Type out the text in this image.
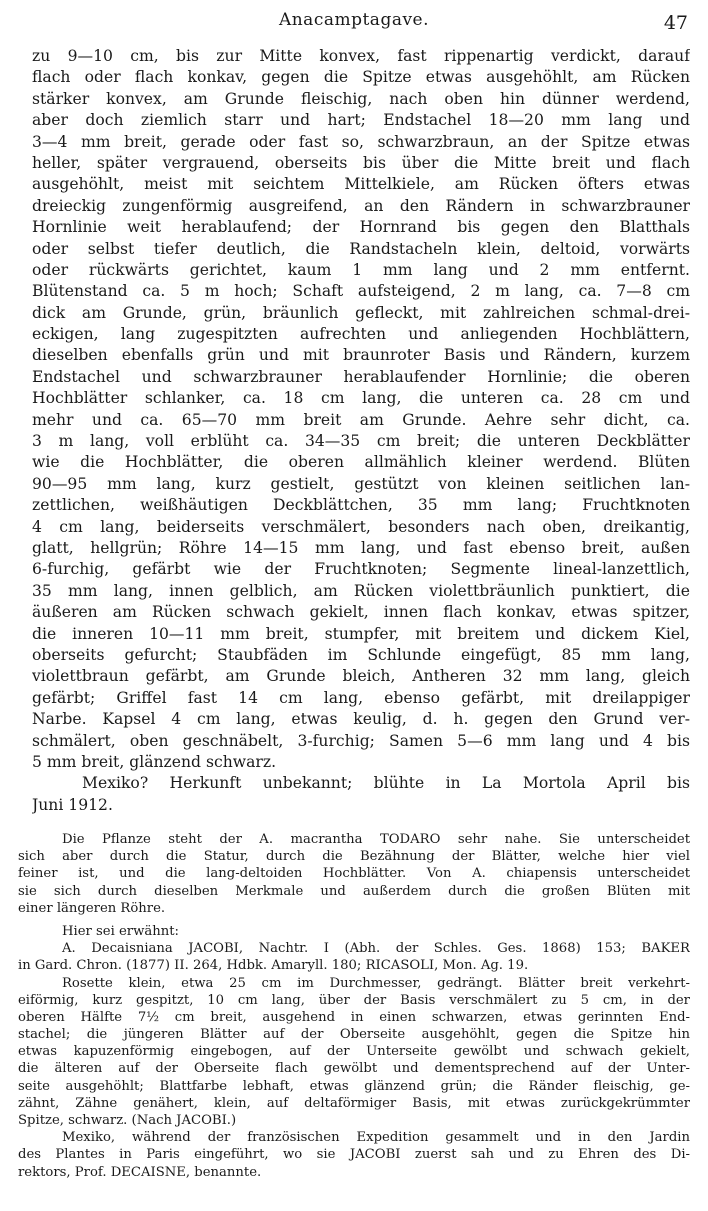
Anacamptagave.	47
zu 9—10 cm, bis zur Mitte konvex, fast rippenartig verdickt, darauf
flach oder flach konkav, gegen die Spitze etwas ausgehöhlt, am Rücken
stärker konvex, am Grunde fleischig, nach oben hin dünner werdend,
aber doch ziemlich starr und hart; Endstachel 18—20 mm lang und
3—4 mm breit, gerade oder fast so, schwarzbraun, an der Spitze etwas
heller, später vergrauend, oberseits bis über die Mitte breit und flach
ausgehöhlt, meist mit seichtem Mittelkiele, am Rücken öfters etwas
dreieckig zungenförmig ausgreifend, an den Rändern in schwarzbrauner
Hornlinie weit herablaufend; der Hornrand bis gegen den Blatthals
oder selbst tiefer deutlich, die Randstacheln klein, deltoid, vorwärts
oder rückwärts gerichtet, kaum 1 mm lang und 2 mm entfernt.
Blütenstand ca. 5 m hoch; Schaft aufsteigend, 2 m lang, ca. 7—8 cm
dick am Grunde, grün, bräunlich gefleckt, mit zahlreichen schmal-drei-
eckigen, lang zugespitzten aufrechten und anliegenden Hochblättern,
dieselben ebenfalls grün und mit braunroter Basis und Rändern, kurzem
Endstachel und schwarzbrauner herablaufender Hornlinie; die oberen
Hochblätter schlanker, ca. 18 cm lang, die unteren ca. 28 cm und
mehr und ca. 65—70 mm breit am Grunde. Aehre sehr dicht, ca.
3 m lang, voll erblüht ca. 34—35 cm breit; die unteren Deckblätter
wie die Hochblätter, die oberen allmählich kleiner werdend. Blüten
90—95 mm lang, kurz gestielt, gestützt von kleinen seitlichen lan-
zettlichen, weißhäutigen Deckblättchen, 35 mm lang; Fruchtknoten
4 cm lang, beiderseits verschmälert, besonders nach oben, dreikantig,
glatt, hellgrün; Röhre 14—15 mm lang, und fast ebenso breit, außen
6-furchig, gefärbt wie der Fruchtknoten; Segmente lineal-lanzettlich,
35 mm lang, innen gelblich, am Rücken violettbräunlich punktiert, die
äußeren am Rücken schwach gekielt, innen flach konkav, etwas spitzer,
die inneren 10—11 mm breit, stumpfer, mit breitem und dickem Kiel,
oberseits gefurcht; Staubfäden im Schlunde eingefügt, 85 mm lang,
violettbraun gefärbt, am Grunde bleich, Antheren 32 mm lang, gleich
gefärbt; Griffel fast 14 cm lang, ebenso gefärbt, mit dreilappiger
Narbe. Kapsel 4 cm lang, etwas keulig, d. h. gegen den Grund ver-
schmälert, oben geschnäbelt, 3-furchig; Samen 5—6 mm lang und 4 bis
5 mm breit, glänzend schwarz.
Mexiko? Herkunft unbekannt; blühte in La Mortola April bis
Juni 1912.
Die Pflanze steht der A. macrantha TODARO sehr nahe. Sie unterscheidet
sich aber durch die Statur, durch die Bezähnung der Blätter, welche hier viel
feiner ist, und die lang-deltoiden Hochblätter. Von A. chiapensis unterscheidet
sie sich durch dieselben Merkmale und außerdem durch die großen Blüten mit
einer längeren Röhre.
Hier sei erwähnt:
A. Decaisniana JACOBI, Nachtr. I (Abh. der Schles. Ges. 1868) 153; BAKER
in Gard. Chron. (1877) II. 264, Hdbk. Amaryll. 180; RICASOLI, Mon. Ag. 19.
Rosette klein, etwa 25 cm im Durchmesser, gedrängt. Blätter breit verkehrt-
eiförmig, kurz gespitzt, 10 cm lang, über der Basis verschmälert zu 5 cm, in der
oberen Hälfte 7½ cm breit, ausgehend in einen schwarzen, etwas gerinnten End-
stachel; die jüngeren Blätter auf der Oberseite ausgehöhlt, gegen die Spitze hin
etwas kapuzenförmig eingebogen, auf der Unterseite gewölbt und schwach gekielt,
die älteren auf der Oberseite flach gewölbt und dementsprechend auf der Unter-
seite ausgehöhlt; Blattfarbe lebhaft, etwas glänzend grün; die Ränder fleischig, ge-
zähnt, Zähne genähert, klein, auf deltaförmiger Basis, mit etwas zurückgekrümmter
Spitze, schwarz. (Nach JACOBI.)
Mexiko, während der französischen Expedition gesammelt und in den Jardin
des Plantes in Paris eingeführt, wo sie JACOBI zuerst sah und zu Ehren des Di-
rektors, Prof. DECAISNE, benannte.
